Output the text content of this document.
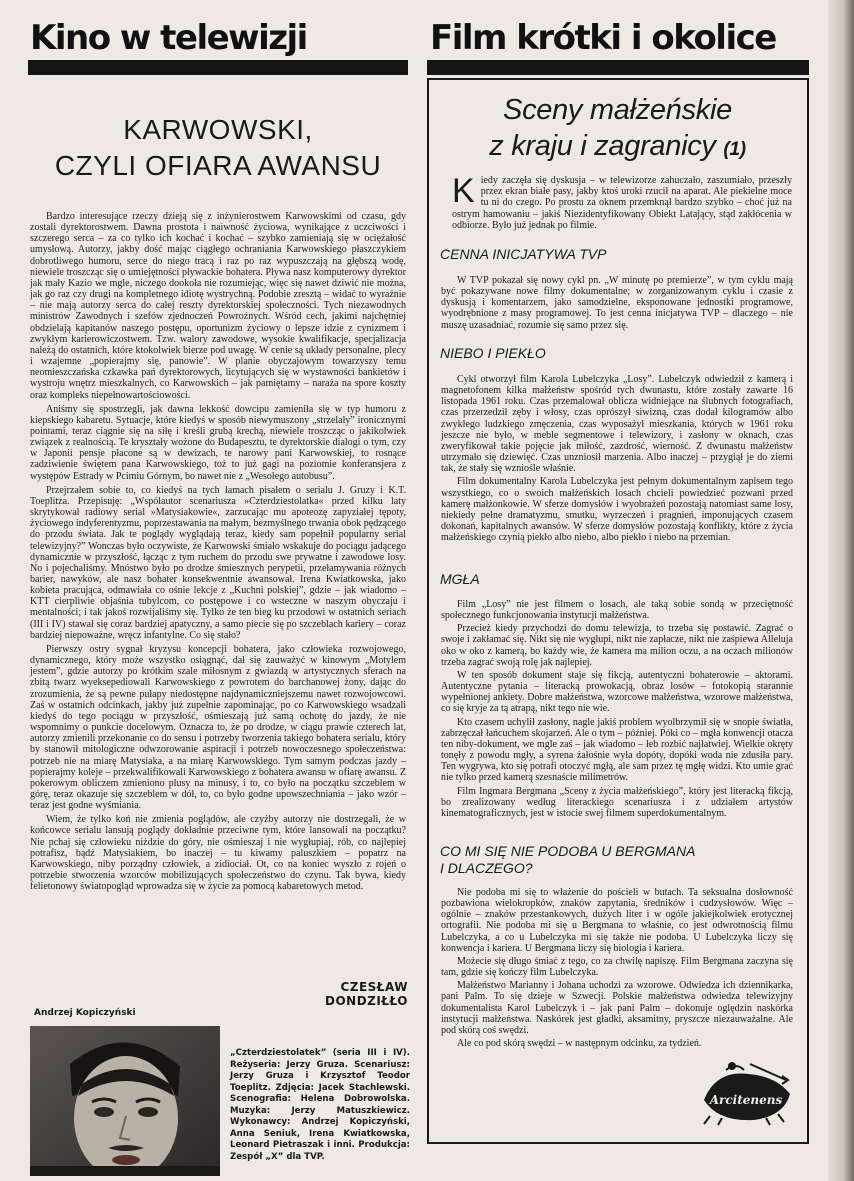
Kino w telewizji	Film krótki i okolice
KARWOWSKI,
CZYLI OFIARA AWANSU

Bardzo interesujące rzeczy dzieją się z inżynierostwem Karwowskimi od czasu, gdy zostali dyrektorostwem. Dawna prostota i naiwność życiowa, wynikające z uczciwości i szczerego serca – za co tylko ich kochać i kochać – szybko zamieniają się w ociężałość umysłową. Autorzy, jakby dość mając ciągłego ochraniania Karwowskiego płaszczykiem dobrotliwego humoru, serce do niego tracą i raz po raz wypuszczają na głębszą wodę, niewiele troszcząc się o umiejętności pływackie bohatera. Pływa nasz komputerowy dyrektor jak mały Kazio we mgle, niczego dookoła nie rozumiejąc, więc się nawet dziwić nie można, jak go raz czy drugi na kompletnego idiotę wystrychną. Podobie zresztą – widać to wyraźnie – nie mają autorzy serca do całej reszty dyrektorskiej społeczności. Tych niezawodnych ministrów Zawodnych i szefów zjednoczeń Powroźnych. Wśród cech, jakimi najchętniej obdzielają kapitanów naszego postępu, oportunizm życiowy o lepsze idzie z cynizmem i zwykłym karierowiczostwem. Tzw. walory zawodowe, wysokie kwalifikacje, specjalizacja należą do ostatnich, które ktokolwiek bierze pod uwagę. W cenie są układy personalne, plecy i wzajemne „popierajmy się, panowie”. W planie obyczajowym towarzyszy temu neomieszczańska czkawka pań dyrektorowych, licytujących się w wystawności bankietów i wystroju wnętrz mieszkalnych, co Karwowskich – jak pamiętamy – naraża na spore koszty oraz kompleks niepełnowartościowości.

Aniśmy się spostrzegli, jak dawna lekkość dowcipu zamieniła się w typ humoru z kiepskiego kabaretu. Sytuacje, które kiedyś w sposób niewymuszony „strzelały” ironicznymi pointami, teraz ciągnie się na siłę i kreśli grubą krechą, niewiele troszcząc o jakikolwiek związek z realnością. Te kryształy wożone do Budapesztu, te dyrektorskie dialogi o tym, czy w Japonii pensje płacone są w dewizach, te narowy pani Karwowskiej, to rosnące zadziwienie świętem pana Karwowskiego, toż to już gagi na poziomie konferansjera z występów Estrady w Pcimiu Górnym, bo nawet nie z „Wesołego autobusu”.

Przejrzałem sobie to, co kiedyś na tych łamach pisałem o serialu J. Gruzy i K.T. Toeplitza. Przepisuję: „Współautor scenariusza »Czterdziestolatka« przed kilku laty skrytykował radiowy serial »Matysiakowie«, zarzucając mu apoteozę zapyziałej tępoty, życiowego indyferentyzmu, poprzestawania na małym, bezmyślnego trwania obok pędzącego do przodu świata. Jak te poglądy wyglądają teraz, kiedy sam popełnił popularny serial telewizyjny?” Wonczas było oczywiste, że Karwowski śmiało wskakuje do pociągu jadącego dynamicznie w przyszłość, łącząc z tym ruchem do przodu swe prywatne i zawodowe losy. No i pojechaliśmy. Mnóstwo było po drodze śmiesznych perypetii, przełamywania różnych barier, nawyków, ale nasz bohater konsekwentnie awansował. Irena Kwiatkowska, jako kobieta pracująca, odmawiała co ośnie lekcje z „Kuchni polskiej”, gdzie – jak wiadomo – KTT cierpliwie objaśnia tubylcom, co postępowe i co wsteczne w naszym obyczaju i mentalności; i tak jakoś rozwijaliśmy się. Tylko że ten bieg ku przodowi w ostatnich seriach (III i IV) stawał się coraz bardziej apatyczny, a samo piecie się po szczeblach kariery – coraz bardziej niepoważne, wręcz infantylne. Co się stało?

Pierwszy ostry sygnał kryzysu koncepcji bohatera, jako człowieka rozwojowego, dynamicznego, który może wszystko osiągnąć, dał się zauważyć w kinowym „Motylem jestem”, gdzie autorzy po krótkim szale miłosnym z gwiazdą w artystycznych sferach na zbitą twarz wyeksepediowali Karwowskiego z powrotem do barchanowej żony, dając do zrozumienia, że są pewne pułapy niedostępne najdynamiczniejszemu nawet rozwojowcowi. Zaś w ostatnich odcinkach, jakby już zupełnie zapominając, po co Karwowskiego wsadzali kiedyś do tego pociągu w przyszłość, ośmieszają już samą ochotę do jazdy, że nie wspomnimy o punkcie docelowym. Oznacza to, że po drodze, w ciągu prawie czterech lat, autorzy zmienili przekonanie co do sensu i potrzeby tworzenia takiego bohatera serialu, który by stanowił mitologiczne odwzorowanie aspiracji i potrzeb nowoczesnego społeczeństwa: potrzeb nie na miarę Matysiaka, a na miarę Karwowskiego. Tym samym podczas jazdy – popierajmy koleje – przekwalifikowali Karwowskiego z bohatera awansu w ofiarę awansu. Z pokerowym obliczem zmieniono plusy na minusy, i to, co było na początku szczeblem w górę, teraz okazuje się szczeblem w dół, to, co było godne upowszechniania – jako wzór – teraz jest godne wyśmiania.

Wiem, że tylko koń nie zmienia poglądów, ale czyżby autorzy nie dostrzegali, że w końcowce serialu lansują poglądy dokładnie przeciwne tym, które lansowali na początku? Nie pchaj się człowieku niżdzie do góry, nie ośmieszaj i nie wygłupiaj, rób, co najlepiej potrafisz, bądź Matysiakiem, bo inaczej – tu kiwamy paluszkiem – popatrz na Karwowskiego, niby porządny człowiek, a zidiociał. Ot, co na koniec wyszło z rojeń o potrzebie stworzenia wzorców mobilizujących społeczeństwo do czynu. Tak bywa, kiedy felietonowy światopogląd wprowadza się w życie za pomocą kabaretowych metod.

CZESŁAW
DONDZIŁŁO
Andrzej Kopiczyński
„Czterdziestolatek” (seria III i IV). Reżyseria: Jerzy Gruza. Scenariusz: Jerzy Gruza i Krzysztof Teodor Toeplitz. Zdjęcia: Jacek Stachlewski. Scenografia: Helena Dobrowolska. Muzyka: Jerzy Matuszkiewicz. Wykonawcy: Andrzej Kopiczyński, Anna Seniuk, Irena Kwiatkowska, Leonard Pietraszak i inni. Produkcja: Zespół „X” dla TVP.
Sceny małżeńskie
z kraju i zagranicy (1)
Kiedy zaczęła się dyskusja – w telewizorze zahuczało, zaszumiało, przeszły przez ekran białe pasy, jakby ktoś uroki rzucił na aparat. Ale piekielne moce tu ni do czego. Po prostu za oknem przemknął bardzo szybko – choć już na ostrym hamowaniu – jakiś Niezidentyfikowany Obiekt Latający, stąd zakłócenia w odbiorze. Było już jednak po filmie.
CENNA INICJATYWA TVP

W TVP pokazał się nowy cykl pn. „W minutę po premierze”, w tym cyklu mają być pokazywane nowe filmy dokumentalne; w zorganizowanym cyklu i czasie z dyskusją i komentarzem, jako samodzielne, eksponowane jednostki programowe, wyodrębnione z masy programowej. To jest cenna inicjatywa TVP – dlaczego – nie muszę uzasadniać, rozumie się samo przez się.

NIEBO I PIEKŁO

Cykl otworzył film Karola Lubelczyka „Losy”. Lubelczyk odwiedził z kamerą i magnetofonem kilka małżeństw spośród tych dwunastu, które zostały zawarte 16 listopada 1961 roku. Czas przemalował oblicza widniejące na ślubnych fotografiach, czas przerzedził zęby i włosy, czas oprószył siwizną, czas dodał kilogramów albo zwykłego ludzkiego zmęczenia, czas wyposażył mieszkania, których w 1961 roku jeszcze nie było, w meble segmentowe i telewizory, i zasłony w oknach, czas zweryfikował takie pojęcie jak miłość, zazdrość, wierność. Z dwunastu małżeństw utrzymało się dziewięć. Czas unzniosił marzenia. Albo inaczej – przygiął je do ziemi tak, że stały się wzniośle właśnie.

Film dokumentalny Karola Lubelczyka jest pełnym dokumentalnym zapisem tego wszystkiego, co o swoich małżeńskich losach chcieli powiedzieć pozwani przed kamerę małżonkowie. W sferze domysłów i wyobrażeń pozostają natomiast same losy, niekiedy pełne dramatyzmu, smutku, wyrzeczeń i pragnień, imponujących czasem dokonań, kapitalnych awansów. W sferze domysłów pozostają konflikty, które z życia małżeńskiego czynią piekło albo niebo, albo piekło i niebo na przemian.

MGŁA

Film „Losy” nie jest filmem o losach, ale taką sobie sondą w przeciętność społecznego funkcjonowania instytucji małżeństwa.

Przecież kiedy przychodzi do domu telewizja, to trzeba się postawić. Zagrać o swoje i zakłamać się. Nikt się nie wygłupi, nikt nie zapłacze, nikt nie zaśpiewa Alleluja oko w oko z kamerą, bo każdy wie, że kamera ma milion oczu, a na oczach milionów trzeba zagrać swoją rolę jak najlepiej.

W ten sposób dokument staje się fikcją, autentyczni bohaterowie – aktorami. Autentyczne pytania – literacką prowokacją, obraz losów – fotokopią starannie wypełnionej ankiety. Dobre małżeństwa, wzorcowe małżeństwa, wzorowe małżeństwa, co się kryje za tą atrapą, nikt tego nie wie.

Kto czasem uchylił zasłony, nagle jakiś problem wyolbrzymił się w snopie światła, zabrzęczał łańcuchem skojarzeń. Ale o tym – później. Póki co – mgła konwencji otacza ten niby-dokument, we mgle zaś – jak wiadomo – łeb rozbić najłatwiej. Wielkie okręty tonęły z powodu mgły, a syrena żałośnie wyła dopóty, dopóki woda nie zdusiła pary. Ten wygrywa, kto się potrafi otoczyć mgłą, ale sam przez tę mgłę widzi. Kto umie grać nie tylko przed kamerą szesnaście milimetrów.

Film Ingmara Bergmana „Sceny z życia małżeńskiego”, który jest literacką fikcją, bo zrealizowany według literackiego scenariusza i z udziałem artystów kinematograficznych, jest w istocie swej filmem superdokumentalnym.

CO MI SIĘ NIE PODOBA U BERGMANA
I DLACZEGO?

Nie podoba mi się to włażenie do pościeli w butach. Ta seksualna dosłowność pozbawiona wielokropków, znaków zapytania, średników i cudzysłowów. Więc – ogólnie – znaków przestankowych, dużych liter i w ogóle jakiejkolwiek erotycznej ortografii. Nie podoba mi się u Bergmana to właśnie, co jest odwrotnością filmu Lubelczyka, a co u Lubelczyka mi się także nie podoba. U Lubelczyka liczy się konwencja i kariera. U Bergmana liczy się biologia i kariera.

Możecie się długo śmiać z tego, co za chwilę napiszę. Film Bergmana zaczyna się tam, gdzie się kończy film Lubelczyka.

Małżeństwo Marianny i Johana uchodzi za wzorowe. Odwiedza ich dziennikarka, pani Palm. To się dzieje w Szwecji. Polskie małżeństwa odwiedza telewizyjny dokumentalista Karol Lubelczyk i – jak pani Palm – dokonuje oględzin naskórka instytucji małżeństwa. Naskórek jest gładki, aksamitny, pryszcze niezauważalne. Ale pod skórą coś swędzi.

Ale co pod skórą swędzi – w następnym odcinku, za tydzień.

Arcitenens
